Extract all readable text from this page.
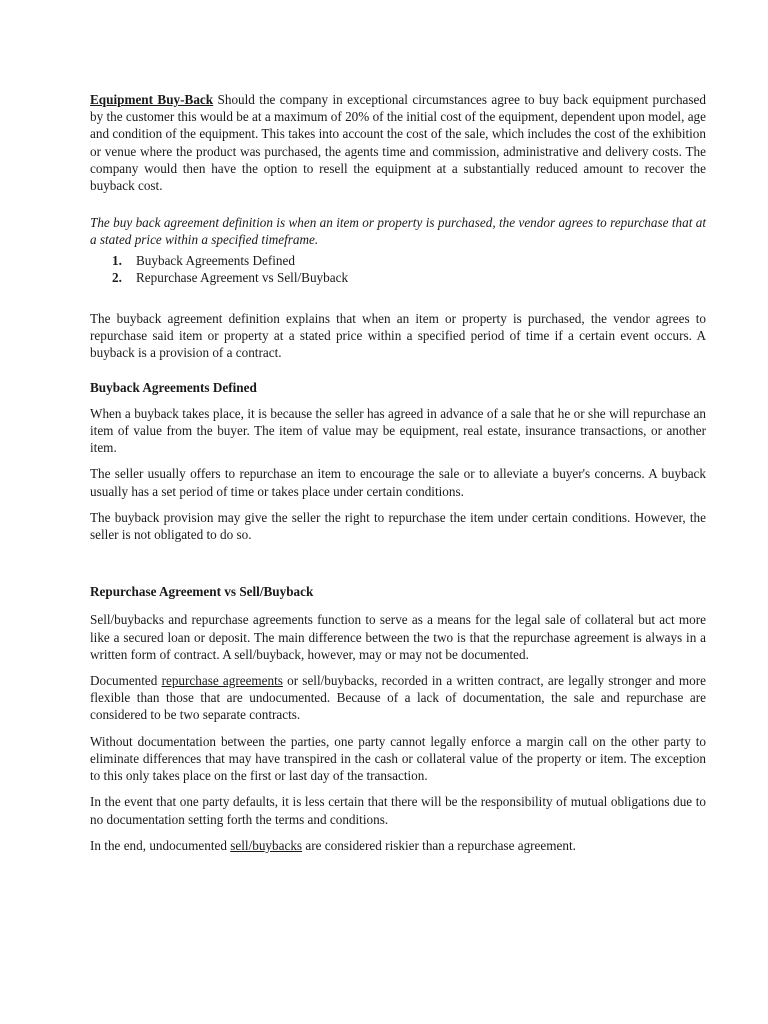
Equipment Buy-Back Should the company in exceptional circumstances agree to buy back equipment purchased by the customer this would be at a maximum of 20% of the initial cost of the equipment, dependent upon model, age and condition of the equipment. This takes into account the cost of the sale, which includes the cost of the exhibition or venue where the product was purchased, the agents time and commission, administrative and delivery costs. The company would then have the option to resell the equipment at a substantially reduced amount to recover the buyback cost.

The buy back agreement definition is when an item or property is purchased, the vendor agrees to repurchase that at a stated price within a specified timeframe.

1.	Buyback Agreements Defined
2.	Repurchase Agreement vs Sell/Buyback

The buyback agreement definition explains that when an item or property is purchased, the vendor agrees to repurchase said item or property at a stated price within a specified period of time if a certain event occurs. A buyback is a provision of a contract.

Buyback Agreements Defined

When a buyback takes place, it is because the seller has agreed in advance of a sale that he or she will repurchase an item of value from the buyer. The item of value may be equipment, real estate, insurance transactions, or another item.

The seller usually offers to repurchase an item to encourage the sale or to alleviate a buyer's concerns. A buyback usually has a set period of time or takes place under certain conditions.

The buyback provision may give the seller the right to repurchase the item under certain conditions. However, the seller is not obligated to do so.

Repurchase Agreement vs Sell/Buyback

Sell/buybacks and repurchase agreements function to serve as a means for the legal sale of collateral but act more like a secured loan or deposit. The main difference between the two is that the repurchase agreement is always in a written form of contract. A sell/buyback, however, may or may not be documented.

Documented repurchase agreements or sell/buybacks, recorded in a written contract, are legally stronger and more flexible than those that are undocumented. Because of a lack of documentation, the sale and repurchase are considered to be two separate contracts.

Without documentation between the parties, one party cannot legally enforce a margin call on the other party to eliminate differences that may have transpired in the cash or collateral value of the property or item. The exception to this only takes place on the first or last day of the transaction.

In the event that one party defaults, it is less certain that there will be the responsibility of mutual obligations due to no documentation setting forth the terms and conditions.

In the end, undocumented sell/buybacks are considered riskier than a repurchase agreement.
